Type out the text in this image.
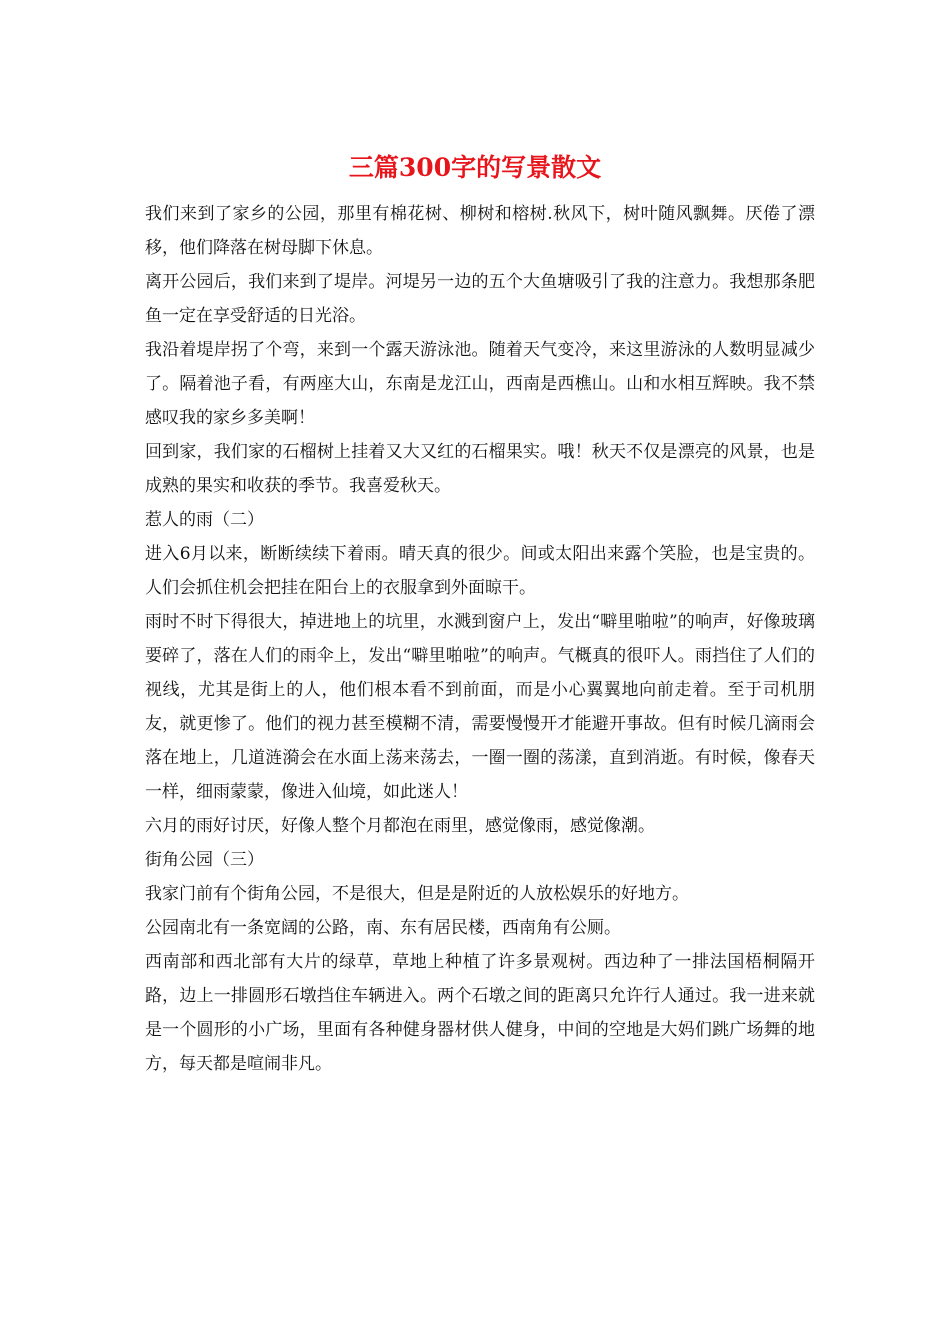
三篇300字的写景散文

我们来到了家乡的公园，那里有棉花树、柳树和榕树.秋风下，树叶随风飘舞。厌倦了漂移，他们降落在树母脚下休息。

离开公园后，我们来到了堤岸。河堤另一边的五个大鱼塘吸引了我的注意力。我想那条肥鱼一定在享受舒适的日光浴。

我沿着堤岸拐了个弯，来到一个露天游泳池。随着天气变冷，来这里游泳的人数明显减少了。隔着池子看，有两座大山，东南是龙江山，西南是西樵山。山和水相互辉映。我不禁感叹我的家乡多美啊！

回到家，我们家的石榴树上挂着又大又红的石榴果实。哦！秋天不仅是漂亮的风景，也是成熟的果实和收获的季节。我喜爱秋天。

惹人的雨（二）

进入6月以来，断断续续下着雨。晴天真的很少。间或太阳出来露个笑脸，也是宝贵的。人们会抓住机会把挂在阳台上的衣服拿到外面晾干。

雨时不时下得很大，掉进地上的坑里，水溅到窗户上，发出“噼里啪啦”的响声，好像玻璃要碎了，落在人们的雨伞上，发出“噼里啪啦”的响声。气概真的很吓人。雨挡住了人们的视线，尤其是街上的人，他们根本看不到前面，而是小心翼翼地向前走着。至于司机朋友，就更惨了。他们的视力甚至模糊不清，需要慢慢开才能避开事故。但有时候几滴雨会落在地上，几道涟漪会在水面上荡来荡去，一圈一圈的荡漾，直到消逝。有时候，像春天一样，细雨蒙蒙，像进入仙境，如此迷人！

六月的雨好讨厌，好像人整个月都泡在雨里，感觉像雨，感觉像潮。

街角公园（三）

我家门前有个街角公园，不是很大，但是是附近的人放松娱乐的好地方。

公园南北有一条宽阔的公路，南、东有居民楼，西南角有公厕。

西南部和西北部有大片的绿草，草地上种植了许多景观树。西边种了一排法国梧桐隔开路，边上一排圆形石墩挡住车辆进入。两个石墩之间的距离只允许行人通过。我一进来就是一个圆形的小广场，里面有各种健身器材供人健身，中间的空地是大妈们跳广场舞的地方，每天都是喧闹非凡。
